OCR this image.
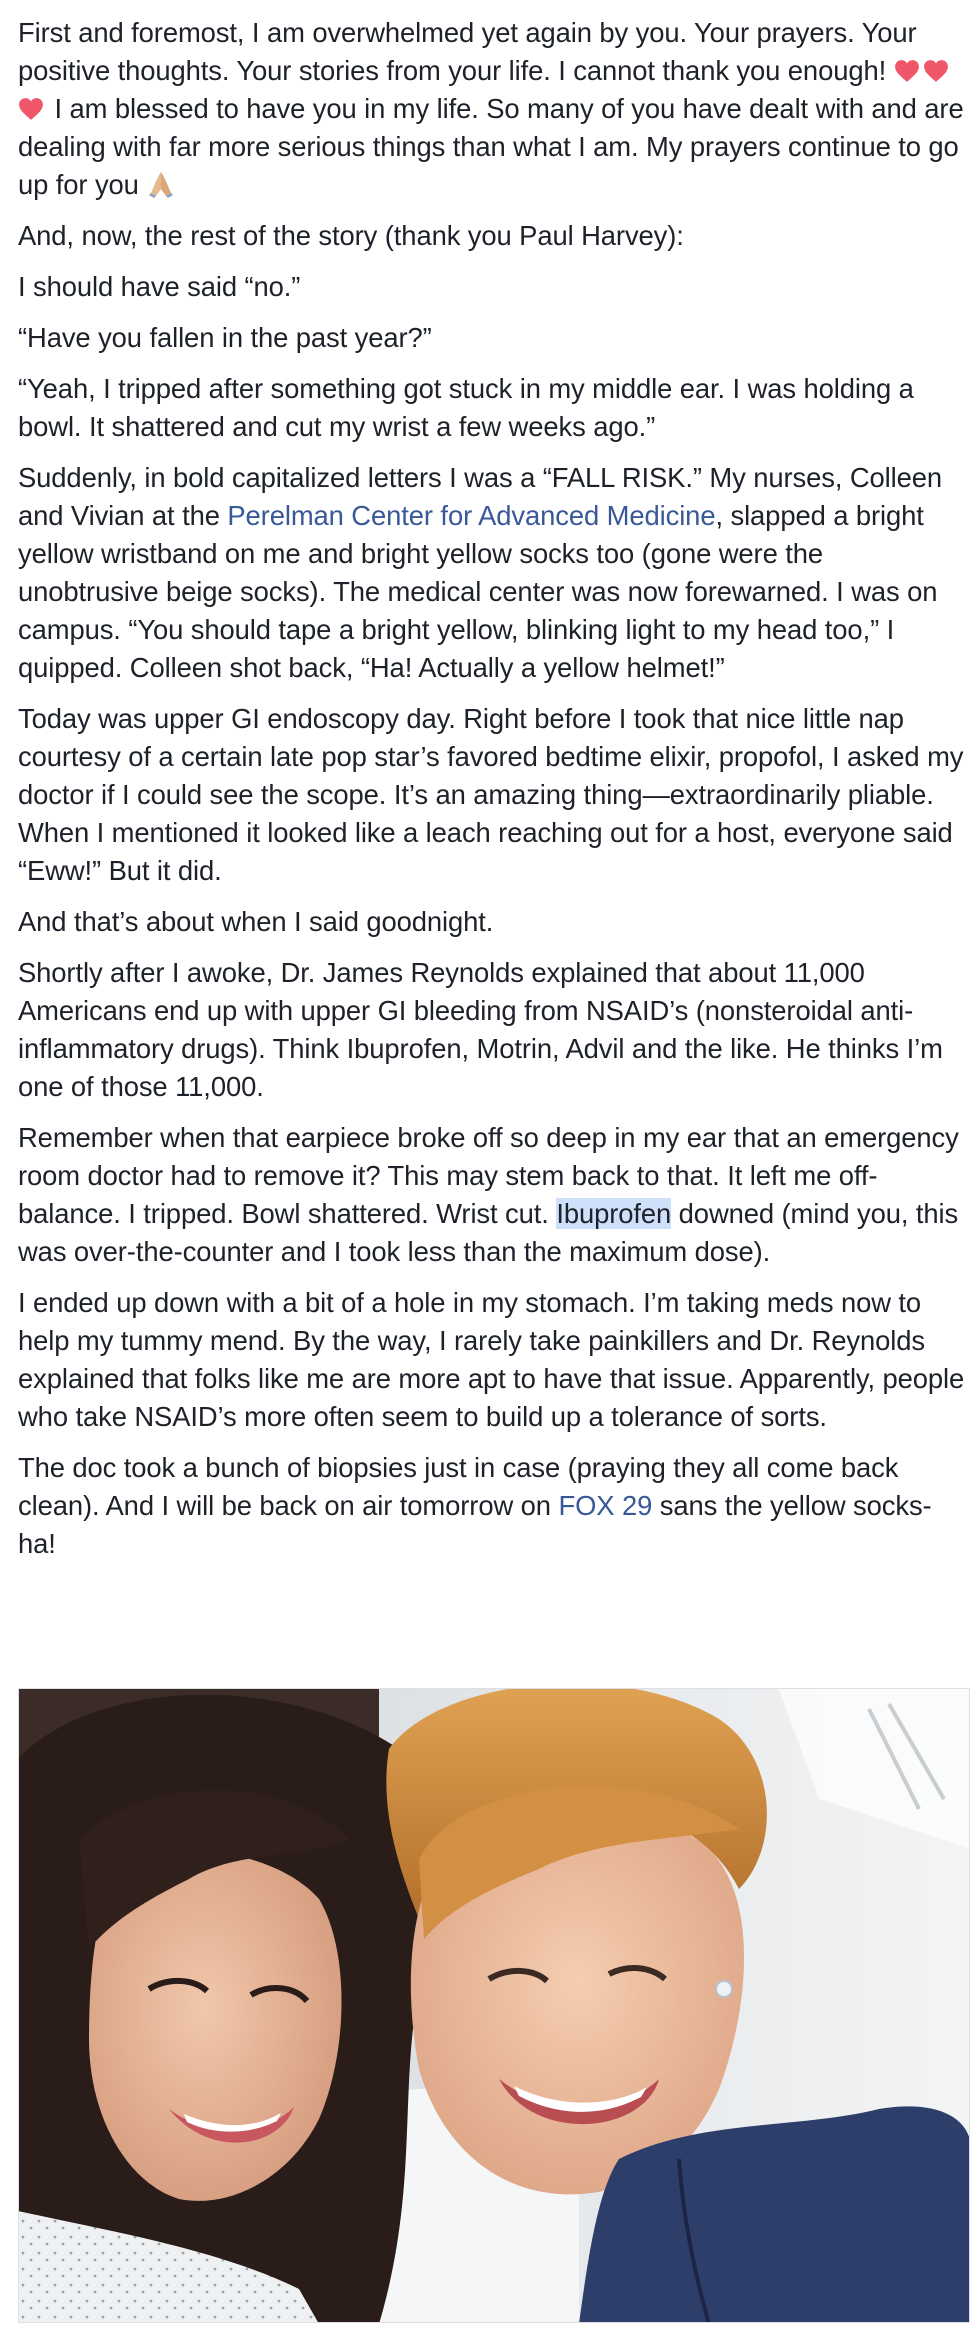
First and foremost, I am overwhelmed yet again by you. Your prayers. Your positive thoughts. Your stories from your life. I cannot thank you enough!  I am blessed to have you in my life. So many of you have dealt with and are dealing with far more serious things than what I am. My prayers continue to go up for you

And, now, the rest of the story (thank you Paul Harvey):

I should have said “no.”

“Have you fallen in the past year?”

“Yeah, I tripped after something got stuck in my middle ear. I was holding a bowl. It shattered and cut my wrist a few weeks ago.”

Suddenly, in bold capitalized letters I was a “FALL RISK.” My nurses, Colleen and Vivian at the Perelman Center for Advanced Medicine, slapped a bright yellow wristband on me and bright yellow socks too (gone were the unobtrusive beige socks). The medical center was now forewarned. I was on campus. “You should tape a bright yellow, blinking light to my head too,” I quipped. Colleen shot back, “Ha! Actually a yellow helmet!”

Today was upper GI endoscopy day. Right before I took that nice little nap courtesy of a certain late pop star’s favored bedtime elixir, propofol, I asked my doctor if I could see the scope. It’s an amazing thing—extraordinarily pliable. When I mentioned it looked like a leach reaching out for a host, everyone said “Eww!” But it did.

And that’s about when I said goodnight.

Shortly after I awoke, Dr. James Reynolds explained that about 11,000 Americans end up with upper GI bleeding from NSAID’s (nonsteroidal anti-inflammatory drugs). Think Ibuprofen, Motrin, Advil and the like. He thinks I’m one of those 11,000.

Remember when that earpiece broke off so deep in my ear that an emergency room doctor had to remove it? This may stem back to that. It left me off-balance. I tripped. Bowl shattered. Wrist cut. Ibuprofen downed (mind you, this was over-the-counter and I took less than the maximum dose).

I ended up down with a bit of a hole in my stomach. I’m taking meds now to help my tummy mend. By the way, I rarely take painkillers and Dr. Reynolds explained that folks like me are more apt to have that issue. Apparently, people who take NSAID’s more often seem to build up a tolerance of sorts.

The doc took a bunch of biopsies just in case (praying they all come back clean). And I will be back on air tomorrow on FOX 29 sans the yellow socks- ha!
